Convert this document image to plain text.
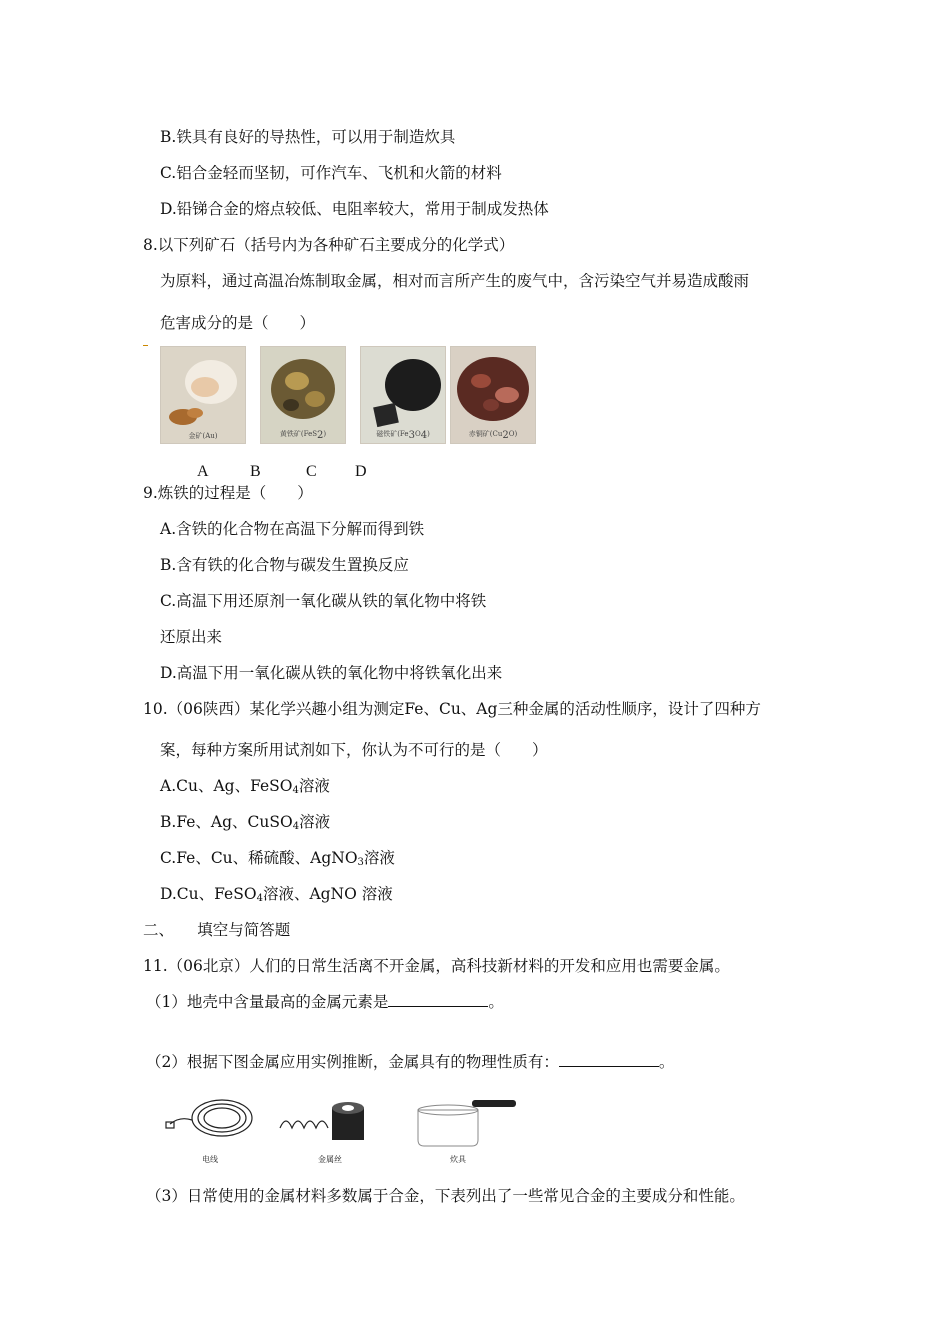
B.铁具有良好的导热性，可以用于制造炊具
C.铝合金轻而坚韧，可作汽车、飞机和火箭的材料
D.铅锑合金的熔点较低、电阻率较大，常用于制成发热体
8.以下列矿石（括号内为各种矿石主要成分的化学式）
为原料，通过高温冶炼制取金属，相对而言所产生的废气中，含污染空气并易造成酸雨
危害成分的是（　　）
金矿(Au)	黄铁矿(FeS$_2$)	磁铁矿$(Fe_3O_4)$	赤铜矿$(Cu_2O)$
A	B	C D
9.炼铁的过程是（　　）
A.含铁的化合物在高温下分解而得到铁
B.含有铁的化合物与碳发生置换反应
C.高温下用还原剂一氧化碳从铁的氧化物中将铁
还原出来
D.高温下用一氧化碳从铁的氧化物中将铁氧化出来
10.（06陕西）某化学兴趣小组为测定Fe、Cu、Ag三种金属的活动性顺序，设计了四种方
案，每种方案所用试剂如下，你认为不可行的是（　　）
A.Cu、Ag、FeSO$_4$溶液
B.Fe、Ag、CuSO$_4$溶液
C.Fe、Cu、稀硫酸、AgNO$_3$溶液
D.Cu、FeSO$_4$溶液、AgNO 溶液
二、　　填空与简答题
11.（06北京）人们的日常生活离不开金属，高科技新材料的开发和应用也需要金属。
（1）地壳中含量最高的金属元素是	。
（2）根据下图金属应用实例推断，金属具有的物理性质有：	。
电线	金属丝	炊具
（3）日常使用的金属材料多数属于合金，下表列出了一些常见合金的主要成分和性能。
